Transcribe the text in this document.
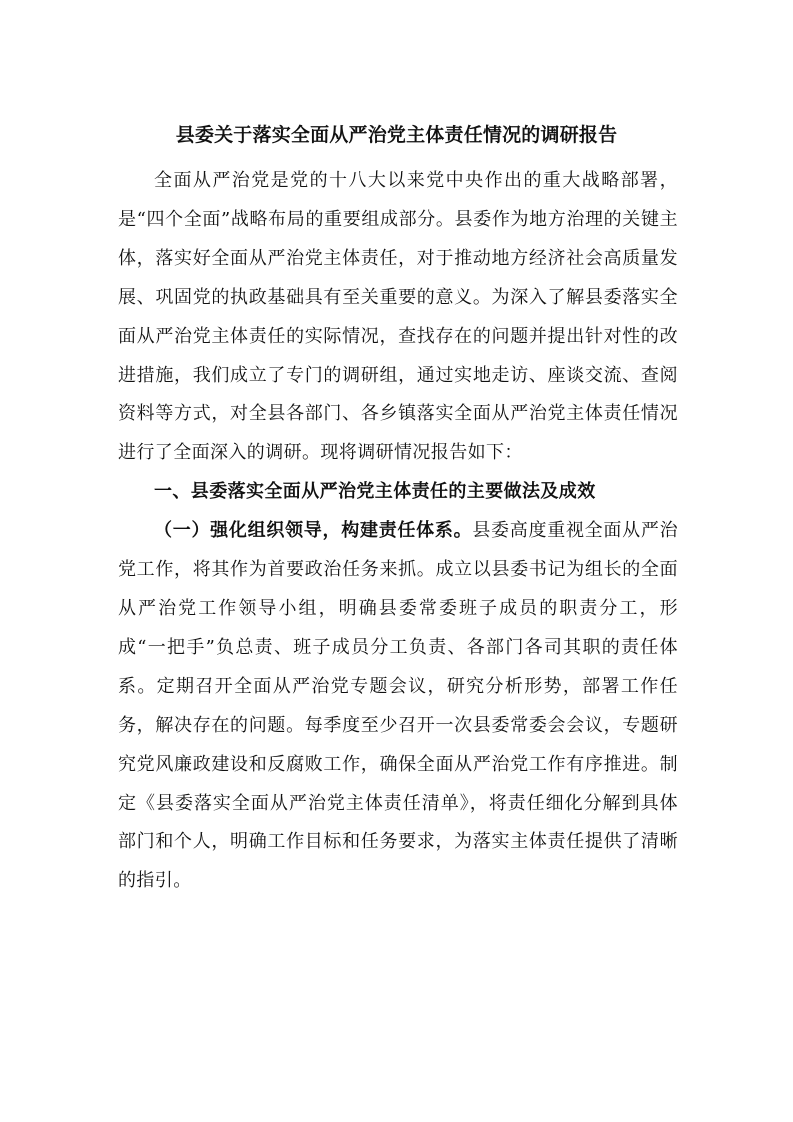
县委关于落实全面从严治党主体责任情况的调研报告

全面从严治党是党的十八大以来党中央作出的重大战略部署，是“四个全面”战略布局的重要组成部分。县委作为地方治理的关键主体，落实好全面从严治党主体责任，对于推动地方经济社会高质量发展、巩固党的执政基础具有至关重要的意义。为深入了解县委落实全面从严治党主体责任的实际情况，查找存在的问题并提出针对性的改进措施，我们成立了专门的调研组，通过实地走访、座谈交流、查阅资料等方式，对全县各部门、各乡镇落实全面从严治党主体责任情况进行了全面深入的调研。现将调研情况报告如下：

一、县委落实全面从严治党主体责任的主要做法及成效

（一）强化组织领导，构建责任体系。县委高度重视全面从严治党工作，将其作为首要政治任务来抓。成立以县委书记为组长的全面从严治党工作领导小组，明确县委常委班子成员的职责分工，形成“一把手”负总责、班子成员分工负责、各部门各司其职的责任体系。定期召开全面从严治党专题会议，研究分析形势，部署工作任务，解决存在的问题。每季度至少召开一次县委常委会会议，专题研究党风廉政建设和反腐败工作，确保全面从严治党工作有序推进。制定《县委落实全面从严治党主体责任清单》，将责任细化分解到具体部门和个人，明确工作目标和任务要求，为落实主体责任提供了清晰的指引。
